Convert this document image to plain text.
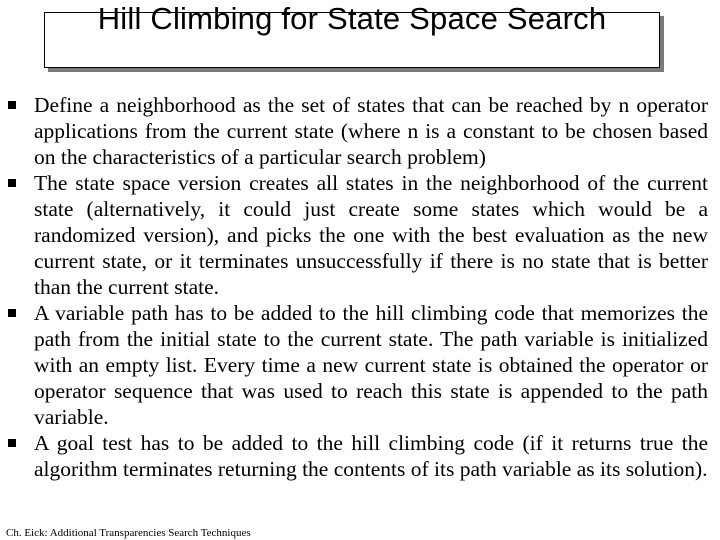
Hill Climbing for State Space Search
Define a neighborhood as the set of states that can be reached by n operator applications from the current state (where n is a constant to be chosen based on the characteristics of a particular search problem)
The state space version creates all states in the neighborhood of the current state (alternatively, it could just create some states which would be a randomized version), and picks the one with the best evaluation as the new current state, or it terminates unsuccessfully if there is no state that is better than the current state.
A variable path has to be added to the hill climbing code that memorizes the path from the initial state to the current state. The path variable is initialized with an empty list. Every time a new current state is obtained the operator or operator sequence that was used to reach this state is appended to the path variable.
A goal test has to be added to the hill climbing code (if it returns true the algorithm terminates returning the contents of its path variable as its solution).
Ch. Eick: Additional Transparencies Search Techniques
